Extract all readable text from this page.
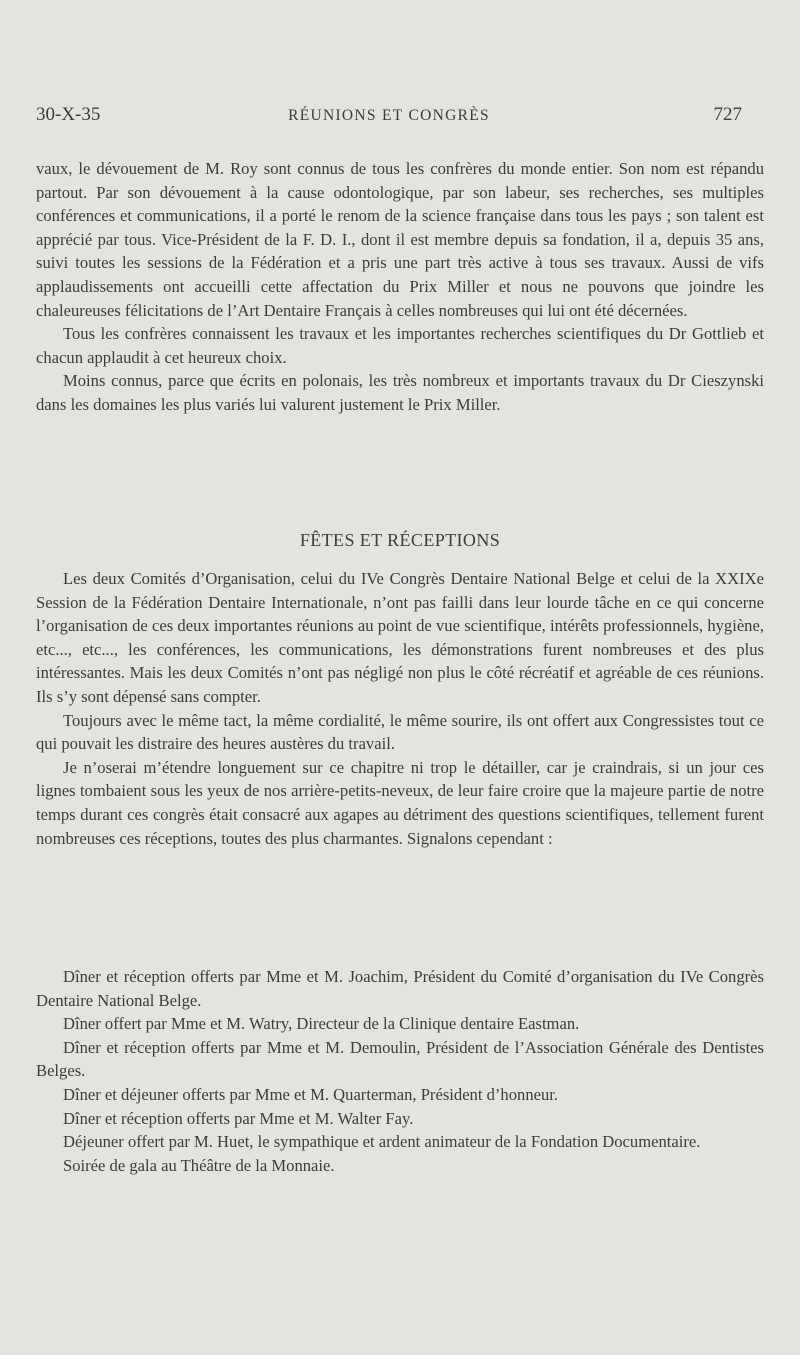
30-X-35	RÉUNIONS ET CONGRÈS	727

vaux, le dévouement de M. Roy sont connus de tous les confrères du monde entier. Son nom est répandu partout. Par son dévouement à la cause odontologique, par son labeur, ses recherches, ses multiples conférences et communications, il a porté le renom de la science française dans tous les pays ; son talent est apprécié par tous. Vice-Président de la F. D. I., dont il est membre depuis sa fondation, il a, depuis 35 ans, suivi toutes les sessions de la Fédération et a pris une part très active à tous ses travaux. Aussi de vifs applaudissements ont accueilli cette affectation du Prix Miller et nous ne pouvons que joindre les chaleureuses félicitations de l’Art Dentaire Français à celles nombreuses qui lui ont été décernées.

Tous les confrères connaissent les travaux et les importantes recherches scientifiques du Dr Gottlieb et chacun applaudit à cet heureux choix.

Moins connus, parce que écrits en polonais, les très nombreux et importants travaux du Dr Cieszynski dans les domaines les plus variés lui valurent justement le Prix Miller.

FÊTES ET RÉCEPTIONS

Les deux Comités d’Organisation, celui du IVe Congrès Dentaire National Belge et celui de la XXIXe Session de la Fédération Dentaire Internationale, n’ont pas failli dans leur lourde tâche en ce qui concerne l’organisation de ces deux importantes réunions au point de vue scientifique, intérêts professionnels, hygiène, etc..., etc..., les conférences, les communications, les démonstrations furent nombreuses et des plus intéressantes. Mais les deux Comités n’ont pas négligé non plus le côté récréatif et agréable de ces réunions. Ils s’y sont dépensé sans compter.

Toujours avec le même tact, la même cordialité, le même sourire, ils ont offert aux Congressistes tout ce qui pouvait les distraire des heures austères du travail.

Je n’oserai m’étendre longuement sur ce chapitre ni trop le détailler, car je craindrais, si un jour ces lignes tombaient sous les yeux de nos arrière-petits-neveux, de leur faire croire que la majeure partie de notre temps durant ces congrès était consacré aux agapes au détriment des questions scientifiques, tellement furent nombreuses ces réceptions, toutes des plus charmantes. Signalons cependant :

Dîner et réception offerts par Mme et M. Joachim, Président du Comité d’organisation du IVe Congrès Dentaire National Belge.

Dîner offert par Mme et M. Watry, Directeur de la Clinique dentaire Eastman.

Dîner et réception offerts par Mme et M. Demoulin, Président de l’Association Générale des Dentistes Belges.

Dîner et déjeuner offerts par Mme et M. Quarterman, Président d’honneur.

Dîner et réception offerts par Mme et M. Walter Fay.

Déjeuner offert par M. Huet, le sympathique et ardent animateur de la Fondation Documentaire.

Soirée de gala au Théâtre de la Monnaie.
